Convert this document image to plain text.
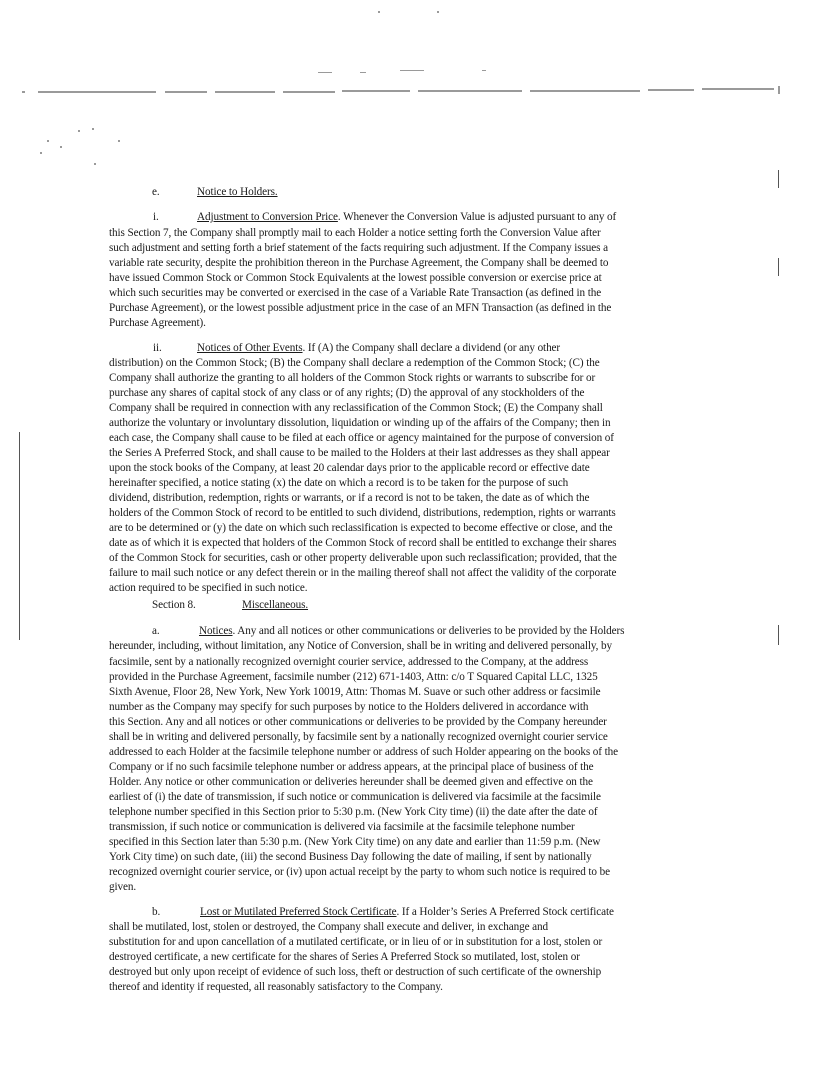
e.	Notice to Holders.
i.	Adjustment to Conversion Price. Whenever the Conversion Value is adjusted pursuant to any of
this Section 7, the Company shall promptly mail to each Holder a notice setting forth the Conversion Value after
such adjustment and setting forth a brief statement of the facts requiring such adjustment. If the Company issues a
variable rate security, despite the prohibition thereon in the Purchase Agreement, the Company shall be deemed to
have issued Common Stock or Common Stock Equivalents at the lowest possible conversion or exercise price at
which such securities may be converted or exercised in the case of a Variable Rate Transaction (as defined in the
Purchase Agreement), or the lowest possible adjustment price in the case of an MFN Transaction (as defined in the
Purchase Agreement).
ii.	Notices of Other Events. If (A) the Company shall declare a dividend (or any other
distribution) on the Common Stock; (B) the Company shall declare a redemption of the Common Stock; (C) the
Company shall authorize the granting to all holders of the Common Stock rights or warrants to subscribe for or
purchase any shares of capital stock of any class or of any rights; (D) the approval of any stockholders of the
Company shall be required in connection with any reclassification of the Common Stock; (E) the Company shall
authorize the voluntary or involuntary dissolution, liquidation or winding up of the affairs of the Company; then in
each case, the Company shall cause to be filed at each office or agency maintained for the purpose of conversion of
the Series A Preferred Stock, and shall cause to be mailed to the Holders at their last addresses as they shall appear
upon the stock books of the Company, at least 20 calendar days prior to the applicable record or effective date
hereinafter specified, a notice stating (x) the date on which a record is to be taken for the purpose of such
dividend, distribution, redemption, rights or warrants, or if a record is not to be taken, the date as of which the
holders of the Common Stock of record to be entitled to such dividend, distributions, redemption, rights or warrants
are to be determined or (y) the date on which such reclassification is expected to become effective or close, and the
date as of which it is expected that holders of the Common Stock of record shall be entitled to exchange their shares
of the Common Stock for securities, cash or other property deliverable upon such reclassification; provided, that the
failure to mail such notice or any defect therein or in the mailing thereof shall not affect the validity of the corporate
action required to be specified in such notice.
Section 8.	Miscellaneous.
a.	Notices. Any and all notices or other communications or deliveries to be provided by the Holders
hereunder, including, without limitation, any Notice of Conversion, shall be in writing and delivered personally, by
facsimile, sent by a nationally recognized overnight courier service, addressed to the Company, at the address
provided in the Purchase Agreement, facsimile number (212) 671-1403, Attn: c/o T Squared Capital LLC, 1325
Sixth Avenue, Floor 28, New York, New York 10019, Attn: Thomas M. Suave or such other address or facsimile
number as the Company may specify for such purposes by notice to the Holders delivered in accordance with
this Section. Any and all notices or other communications or deliveries to be provided by the Company hereunder
shall be in writing and delivered personally, by facsimile sent by a nationally recognized overnight courier service
addressed to each Holder at the facsimile telephone number or address of such Holder appearing on the books of the
Company or if no such facsimile telephone number or address appears, at the principal place of business of the
Holder. Any notice or other communication or deliveries hereunder shall be deemed given and effective on the
earliest of (i) the date of transmission, if such notice or communication is delivered via facsimile at the facsimile
telephone number specified in this Section prior to 5:30 p.m. (New York City time) (ii) the date after the date of
transmission, if such notice or communication is delivered via facsimile at the facsimile telephone number
specified in this Section later than 5:30 p.m. (New York City time) on any date and earlier than 11:59 p.m. (New
York City time) on such date, (iii) the second Business Day following the date of mailing, if sent by nationally
recognized overnight courier service, or (iv) upon actual receipt by the party to whom such notice is required to be
given.
b.	Lost or Mutilated Preferred Stock Certificate. If a Holder’s Series A Preferred Stock certificate
shall be mutilated, lost, stolen or destroyed, the Company shall execute and deliver, in exchange and
substitution for and upon cancellation of a mutilated certificate, or in lieu of or in substitution for a lost, stolen or
destroyed certificate, a new certificate for the shares of Series A Preferred Stock so mutilated, lost, stolen or
destroyed but only upon receipt of evidence of such loss, theft or destruction of such certificate of the ownership
thereof and identity if requested, all reasonably satisfactory to the Company.
